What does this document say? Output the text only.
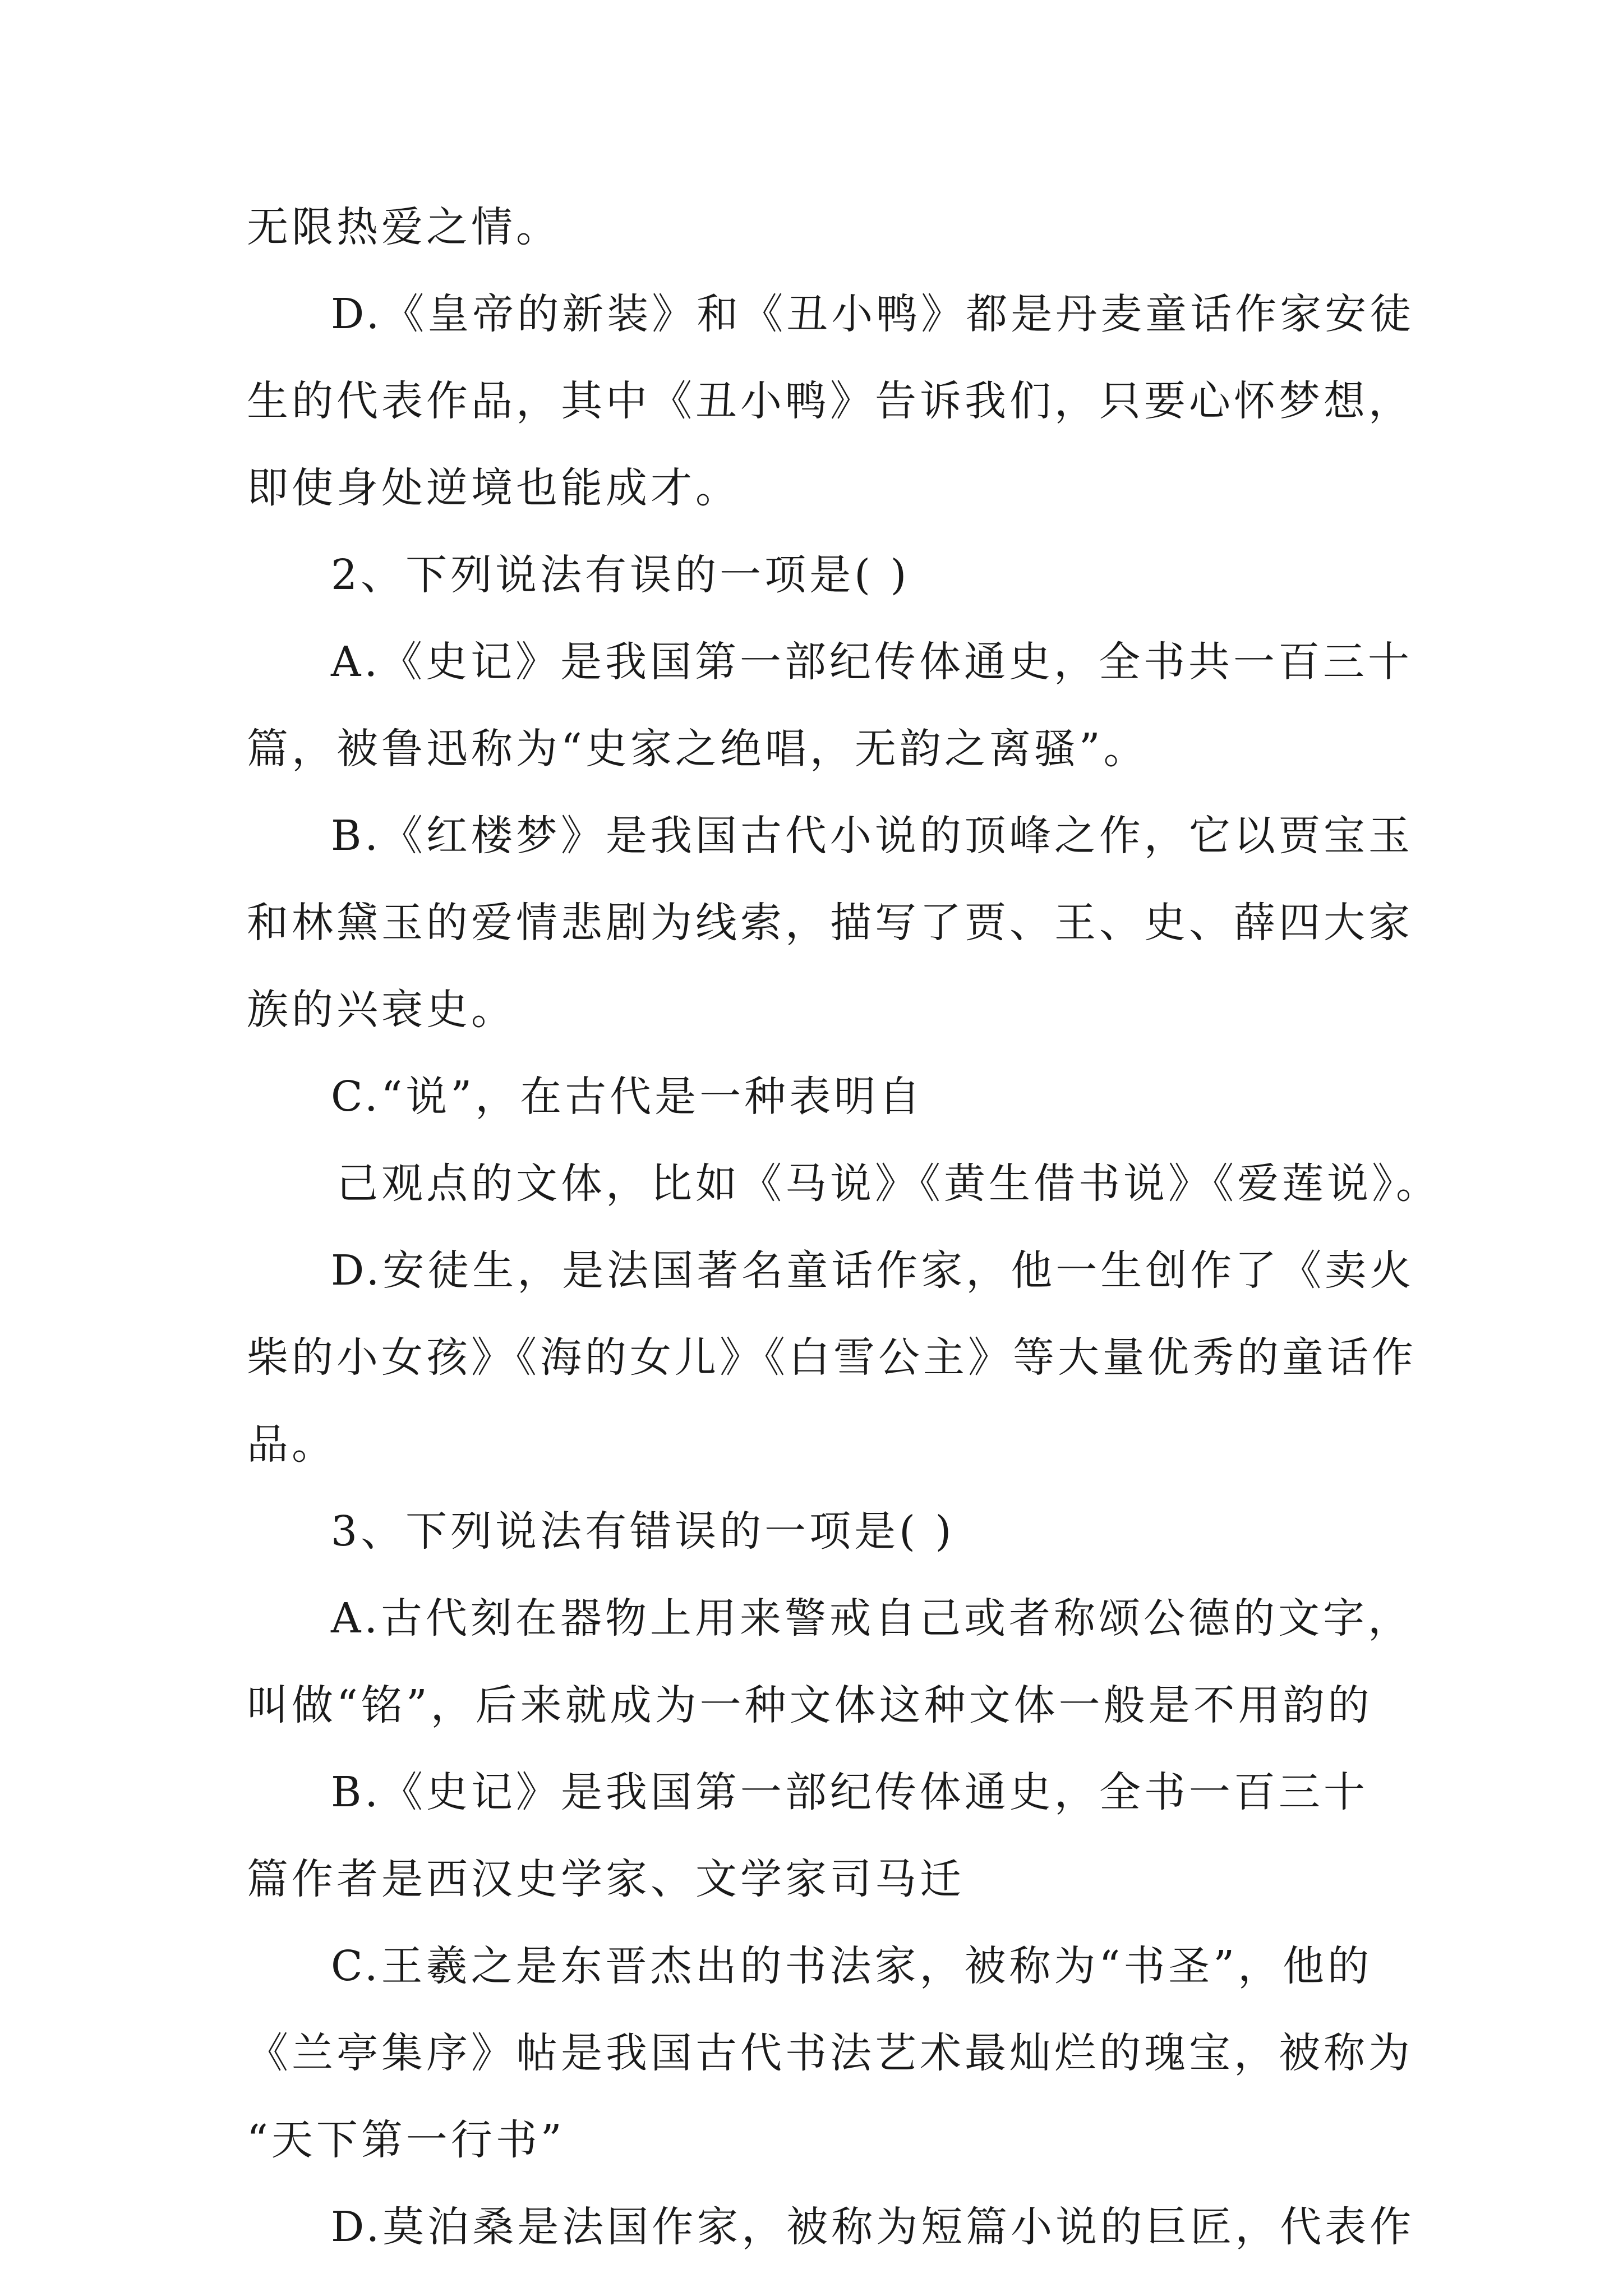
无限热爱之情。
D.《皇帝的新装》和《丑小鸭》都是丹麦童话作家安徒
生的代表作品，其中《丑小鸭》告诉我们，只要心怀梦想，
即使身处逆境也能成才。
2、下列说法有误的一项是( )
A.《史记》是我国第一部纪传体通史，全书共一百三十
篇，被鲁迅称为“史家之绝唱，无韵之离骚”。
B.《红楼梦》是我国古代小说的顶峰之作，它以贾宝玉
和林黛玉的爱情悲剧为线索，描写了贾、王、史、薛四大家
族的兴衰史。
C.“说”，在古代是一种表明自
己观点的文体，比如《马说》《黄生借书说》《爱莲说》。
D.安徒生，是法国著名童话作家，他一生创作了《卖火
柴的小女孩》《海的女儿》《白雪公主》等大量优秀的童话作
品。
3、下列说法有错误的一项是( )
A.古代刻在器物上用来警戒自己或者称颂公德的文字，
叫做“铭”，后来就成为一种文体这种文体一般是不用韵的
B.《史记》是我国第一部纪传体通史，全书一百三十
篇作者是西汉史学家、文学家司马迁
C.王羲之是东晋杰出的书法家，被称为“书圣”，他的
《兰亭集序》帖是我国古代书法艺术最灿烂的瑰宝，被称为
“天下第一行书”
D.莫泊桑是法国作家，被称为短篇小说的巨匠，代表作
